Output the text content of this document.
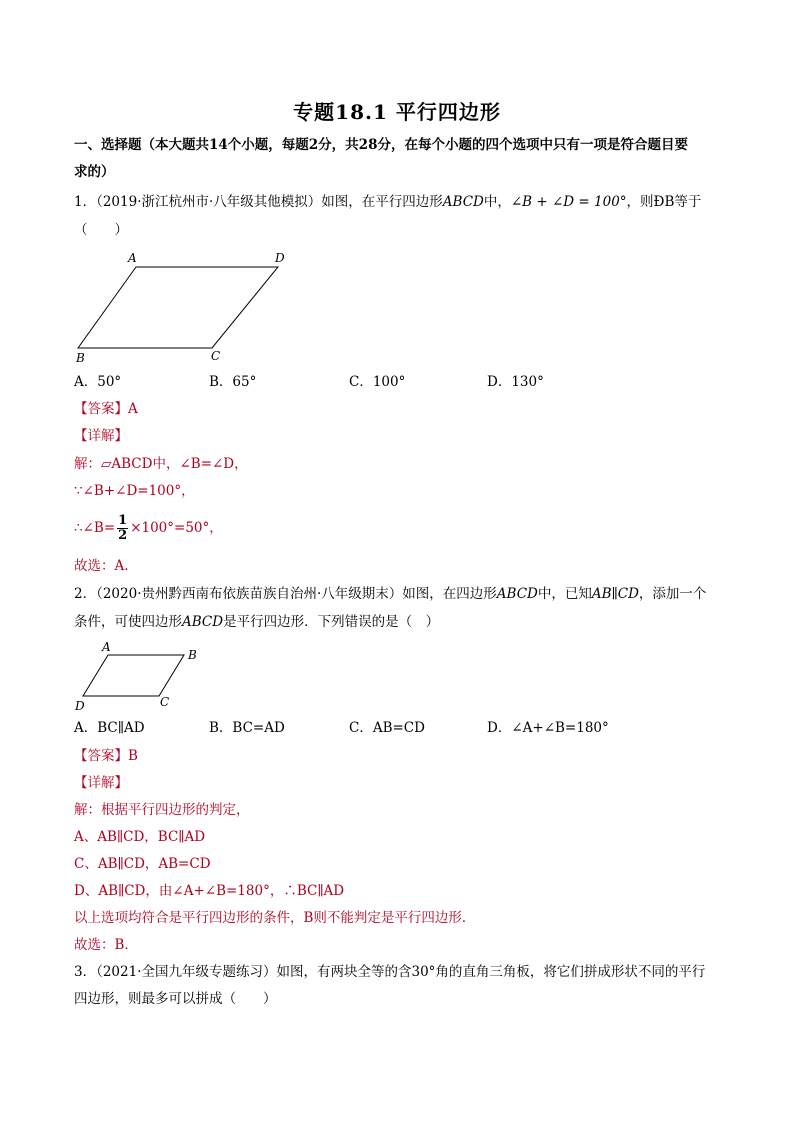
专题18.1 平行四边形
一、选择题（本大题共14个小题，每题2分，共28分，在每个小题的四个选项中只有一项是符合题目要
求的）
1．（2019·浙江杭州市·八年级其他模拟）如图，在平行四边形ABCD中，∠B + ∠D = 100°，则ÐB等于
（　　）
A	D
B	C
A．50°	B．65°	C．100°	D．130°
【答案】A
【详解】
解：▱ABCD中，∠B=∠D，
∵∠B+∠D=100°，
∴∠B= $\frac{1}{2} \times 100^\circ=50^\circ$，
故选：A.
2．（2020·贵州黔西南布依族苗族自治州·八年级期末）如图，在四边形ABCD中，已知AB∥CD，添加一个
条件，可使四边形ABCD是平行四边形．下列错误的是（　）
A
B
D	C
A．BC∥AD	B．BC=AD	C．AB=CD	D．∠A+∠B=180°
【答案】B
【详解】
解：根据平行四边形的判定，
A、AB∥CD，BC∥AD
C、AB∥CD，AB=CD
D、AB∥CD，由∠A+∠B=180°，∴BC∥AD
以上选项均符合是平行四边形的条件，B则不能判定是平行四边形．
故选：B．
3．（2021·全国九年级专题练习）如图，有两块全等的含30°角的直角三角板，将它们拼成形状不同的平行
四边形，则最多可以拼成（　　）
